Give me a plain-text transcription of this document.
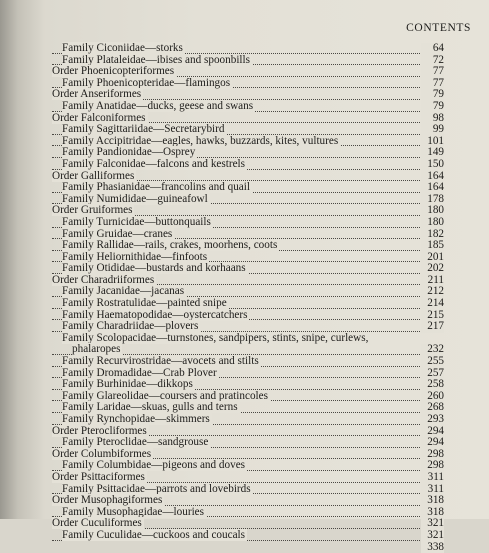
CONTENTS
Family Ciconiidae—storks	64
Family Plataleidae—ibises and spoonbills	72
Order Phoenicopteriformes	77
Family Phoenicopteridae—flamingos	77
Order Anseriformes	79
Family Anatidae—ducks, geese and swans	79
Order Falconiformes	98
Family Sagittariidae—Secretarybird	99
Family Accipitridae—eagles, hawks, buzzards, kites, vultures	101
Family Pandionidae—Osprey	149
Family Falconidae—falcons and kestrels	150
Order Galliformes	164
Family Phasianidae—francolins and quail	164
Family Numididae—guineafowl	178
Order Gruiformes	180
Family Turnicidae—buttonquails	180
Family Gruidae—cranes	182
Family Rallidae—rails, crakes, moorhens, coots	185
Family Heliornithidae—finfoots	201
Family Otididae—bustards and korhaans	202
Order Charadriiformes	211
Family Jacanidae—jacanas	212
Family Rostratulidae—painted snipe	214
Family Haematopodidae—oystercatchers	215
Family Charadriidae—plovers	217
Family Scolopacidae—turnstones, sandpipers, stints, snipe, curlews,
phalaropes	232
Family Recurvirostridae—avocets and stilts	255
Family Dromadidae—Crab Plover	257
Family Burhinidae—dikkops	258
Family Glareolidae—coursers and pratincoles	260
Family Laridae—skuas, gulls and terns	268
Family Rynchopidae—skimmers	293
Order Pterocliformes	294
Family Pteroclidae—sandgrouse	294
Order Columbiformes	298
Family Columbidae—pigeons and doves	298
Order Psittaciformes	311
Family Psittacidae—parrots and lovebirds	311
Order Musophagiformes	318
Family Musophagidae—louries	318
Order Cuculiformes	321
Family Cuculidae—cuckoos and coucals	321
338
